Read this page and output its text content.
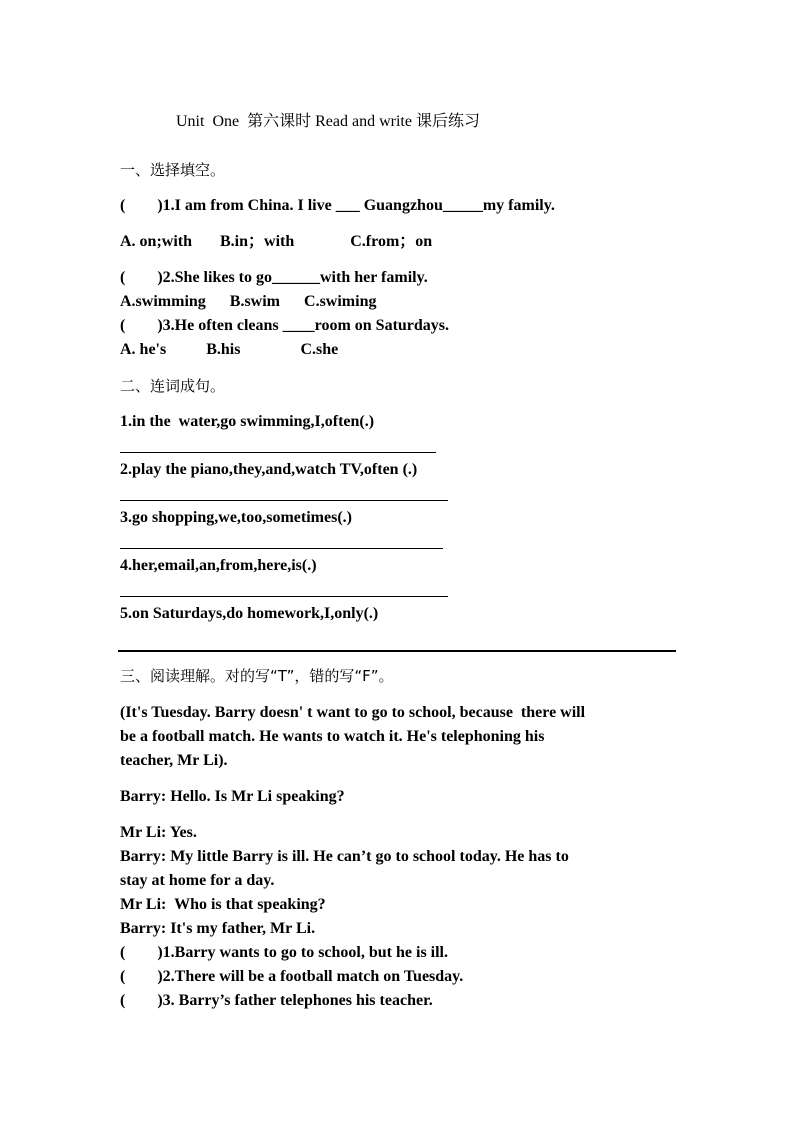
Unit  One  第六课时 Read and write 课后练习
一、选择填空。
(        )1.I am from China. I live ___ Guangzhou_____my family.
A. on;with       B.in；with              C.from；on
(        )2.She likes to go______with her family.
A.swimming      B.swim      C.swiming
(        )3.He often cleans ____room on Saturdays.
A. he's          B.his               C.she
二、连词成句。
1.in the  water,go swimming,I,often(.)
2.play the piano,they,and,watch TV,often (.)
3.go shopping,we,too,sometimes(.)
4.her,email,an,from,here,is(.)
5.on Saturdays,do homework,I,only(.)
三、阅读理解。对的写“T”，错的写“F”。
(It's Tuesday. Barry doesn' t want to go to school, because  there will
be a football match. He wants to watch it. He's telephoning his
teacher, Mr Li).
Barry: Hello. Is Mr Li speaking?
Mr Li: Yes.
Barry: My little Barry is ill. He can’t go to school today. He has to
stay at home for a day.
Mr Li:  Who is that speaking?
Barry: It's my father, Mr Li.
(        )1.Barry wants to go to school, but he is ill.
(        )2.There will be a football match on Tuesday.
(        )3. Barry’s father telephones his teacher.
